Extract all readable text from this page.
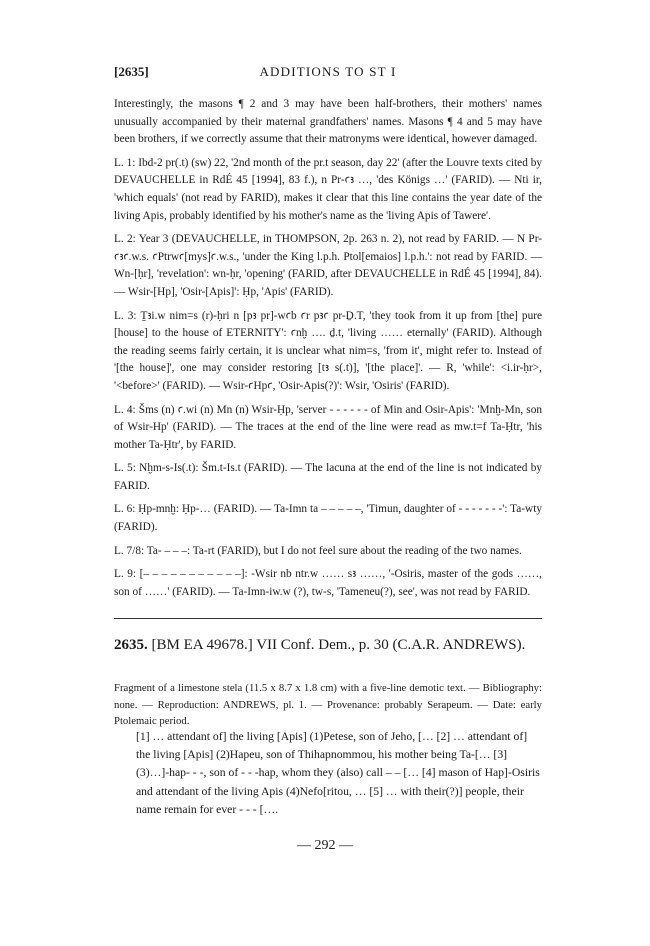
[2635]	ADDITIONS TO ST I

Interestingly, the masons ¶ 2 and 3 may have been half-brothers, their mothers' names unusually accompanied by their maternal grandfathers' names. Masons ¶ 4 and 5 may have been brothers, if we correctly assume that their matronyms were identical, however damaged.

L. 1: Ibd-2 pr(.t) (sw) 22, '2nd month of the pr.t season, day 22' (after the Louvre texts cited by DEVAUCHELLE in RdÉ 45 [1994], 83 f.), n Pr-ꜥꜣ …, 'des Königs …' (FARID). — Nti ir, 'which equals' (not read by FARID), makes it clear that this line contains the year date of the living Apis, probably identified by his mother's name as the 'living Apis of Tawere'.

L. 2: Year 3 (DEVAUCHELLE, in THOMPSON, 2p. 263 n. 2), not read by FARID. — N Pr-ꜥꜣꜥ.w.s. ꜥPtrwꜥ[mys]ꜥ.w.s., 'under the King l.p.h. Ptol[emaios] l.p.h.': not read by FARID. — Wn-[ḥr], 'revelation': wn-ḥr, 'opening' (FARID, after DEVAUCHELLE in RdÉ 45 [1994], 84). — Wsir-[Hp], 'Osir-[Apis]': Ḥp, 'Apis' (FARID).

L. 3: Ṯꜣi.w nim=s (r)-ḥri n [pꜣ pr]-wꜥb ꜥr pꜣꜥ pr-Ḏ.T, 'they took from it up from [the] pure [house] to the house of ETERNITY': ꜥnḫ …. ḏ.t, 'living …… eternally' (FARID). Although the reading seems fairly certain, it is unclear what nim=s, 'from it', might refer to. Instead of '[the house]', one may consider restoring [tꜣ s(.t)], '[the place]'. — R, 'while': <i.ir-ḥr>, '<before>' (FARID). — Wsir-ꜥHpꜥ, 'Osir-Apis(?)': Wsir, 'Osiris' (FARID).

L. 4: Šms (n) ꜥ.wi (n) Mn (n) Wsir-Ḥp, 'server - - - - - - of Min and Osir-Apis': 'Mnḫ-Mn, son of Wsir-Hp' (FARID). — The traces at the end of the line were read as mw.t=f Ta-Ḥtr, 'his mother Ta-Ḥtr', by FARID.

L. 5: Nḫm-s-Is(.t): Šm.t-Is.t (FARID). — The lacuna at the end of the line is not indicated by FARID.

L. 6: Ḥp-mnḫ: Ḥp-… (FARID). — Ta-Imn ta – – – – –, 'Timun, daughter of - - - - - - -': Ta-wty (FARID).

L. 7/8: Ta- – – –: Ta-rt (FARID), but I do not feel sure about the reading of the two names.

L. 9: [– – – – – – – – – – –]: -Wsir nb ntr.w …… sꜣ ……, '-Osiris, master of the gods ……, son of ……' (FARID). — Ta-Imn-iw.w (?), tw-s, 'Tameneu(?), see', was not read by FARID.

2635. [BM EA 49678.] VII Conf. Dem., p. 30 (C.A.R. ANDREWS).

Fragment of a limestone stela (11.5 x 8.7 x 1.8 cm) with a five-line demotic text. — Bibliography: none. — Reproduction: ANDREWS, pl. 1. — Provenance: probably Serapeum. — Date: early Ptolemaic period.

[1] … attendant of] the living [Apis] (1)Petese, son of Jeho, [… [2] … attendant of] the living [Apis] (2)Hapeu, son of Thihapnommou, his mother being Ta-[… [3] (3)…]-hap- - -, son of - - -hap, whom they (also) call – – [… [4] mason of Hap]-Osiris and attendant of the living Apis (4)Nefo[ritou, … [5] … with their(?)] people, their name remain for ever - - - [….

— 292 —
